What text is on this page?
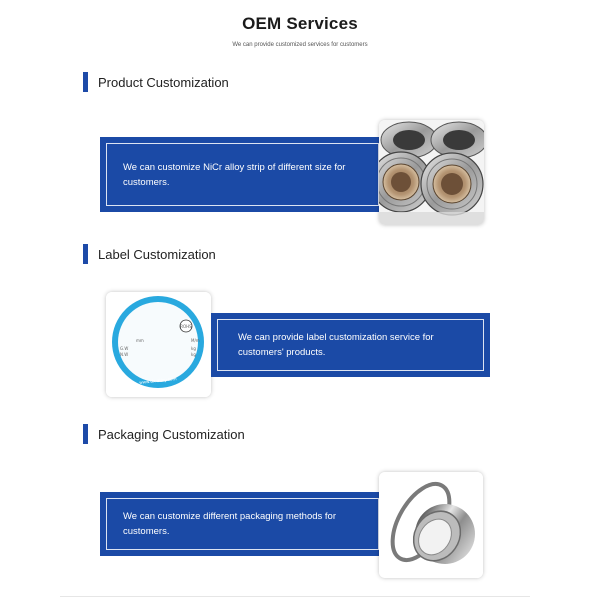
OEM Services
We can provide customized services for customers
Product Customization
We can customize NiCr alloy strip of different size for customers.
Label Customization
ROHS
mm
G.W
N.W
M/m
kg
kg
www.dx-alloy.com
We can provide label customization service for customers' products.
Packaging Customization
We can customize different packaging methods for customers.
